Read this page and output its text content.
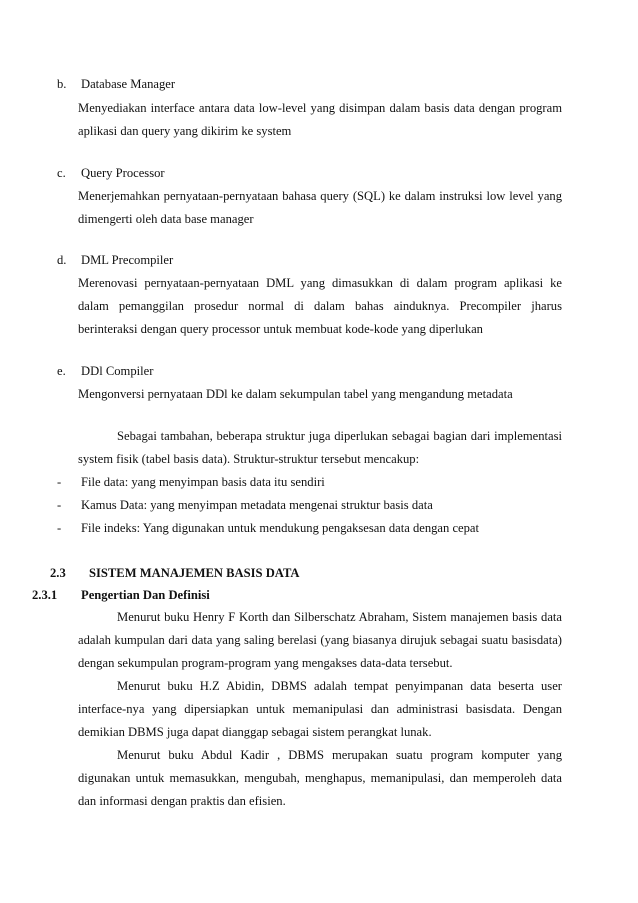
b. Database Manager
Menyediakan interface antara data low-level yang disimpan dalam basis data dengan program
aplikasi dan query yang dikirim ke system
c. Query Processor
Menerjemahkan pernyataan-pernyataan bahasa query (SQL) ke dalam instruksi low level yang
dimengerti oleh data base manager
d. DML Precompiler
Merenovasi pernyataan-pernyataan DML yang dimasukkan di dalam program aplikasi ke
dalam pemanggilan prosedur normal di dalam bahas ainduknya. Precompiler jharus
berinteraksi dengan query processor untuk membuat kode-kode yang diperlukan
e. DDl Compiler
Mengonversi pernyataan DDl ke dalam sekumpulan tabel yang mengandung metadata
Sebagai tambahan, beberapa struktur juga diperlukan sebagai bagian dari implementasi
system fisik (tabel basis data). Struktur-struktur tersebut mencakup:
- File data: yang menyimpan basis data itu sendiri
- Kamus Data: yang menyimpan metadata mengenai struktur basis data
- File indeks: Yang digunakan untuk mendukung pengaksesan data dengan cepat
2.3 SISTEM MANAJEMEN BASIS DATA
2.3.1 Pengertian Dan Definisi
Menurut buku Henry F Korth dan Silberschatz Abraham, Sistem manajemen basis data
adalah kumpulan dari data yang saling berelasi (yang biasanya dirujuk sebagai suatu basisdata)
dengan sekumpulan program-program yang mengakses data-data tersebut.
Menurut buku H.Z Abidin, DBMS adalah tempat penyimpanan data beserta user
interface-nya yang dipersiapkan untuk memanipulasi dan administrasi basisdata. Dengan
demikian DBMS juga dapat dianggap sebagai sistem perangkat lunak.
Menurut buku Abdul Kadir , DBMS merupakan suatu program komputer yang
digunakan untuk memasukkan, mengubah, menghapus, memanipulasi, dan memperoleh data
dan informasi dengan praktis dan efisien.
